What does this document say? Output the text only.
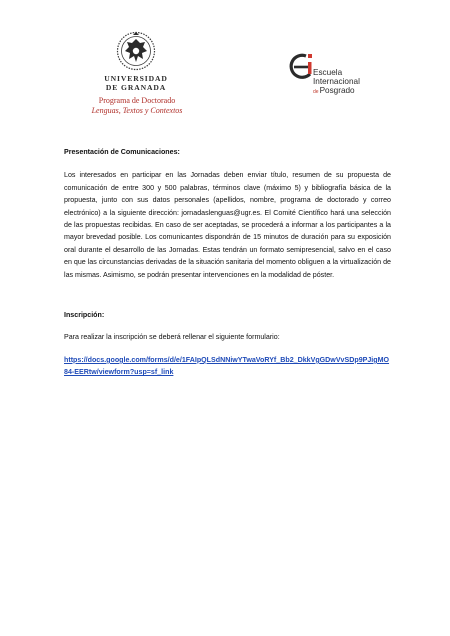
UNIVERSIDAD
DE GRANADA
Programa de Doctorado
Lenguas, Textos y Contextos
Escuela
Internacional
dePosgrado

Presentación de Comunicaciones:

Los interesados en participar en las Jornadas deben enviar título, resumen de su propuesta de comunicación de entre 300 y 500 palabras, términos clave (máximo 5) y bibliografía básica de la propuesta, junto con sus datos personales (apellidos, nombre, programa de doctorado y correo electrónico) a la siguiente dirección: jornadaslenguas@ugr.es. El Comité Científico hará una selección de las propuestas recibidas. En caso de ser aceptadas, se procederá a informar a los participantes a la mayor brevedad posible. Los comunicantes dispondrán de 15 minutos de duración para su exposición oral durante el desarrollo de las Jornadas. Estas tendrán un formato semipresencial, salvo en el caso en que las circunstancias derivadas de la situación sanitaria del momento obliguen a la virtualización de las mismas. Asimismo, se podrán presentar intervenciones en la modalidad de póster.

Inscripción:

Para realizar la inscripción se deberá rellenar el siguiente formulario:

https://docs.google.com/forms/d/e/1FAIpQLSdNNiwYTwaVoRYf_Bb2_DkkVgGDwVvSDp9PJigMO84-EERtw/viewform?usp=sf_link
